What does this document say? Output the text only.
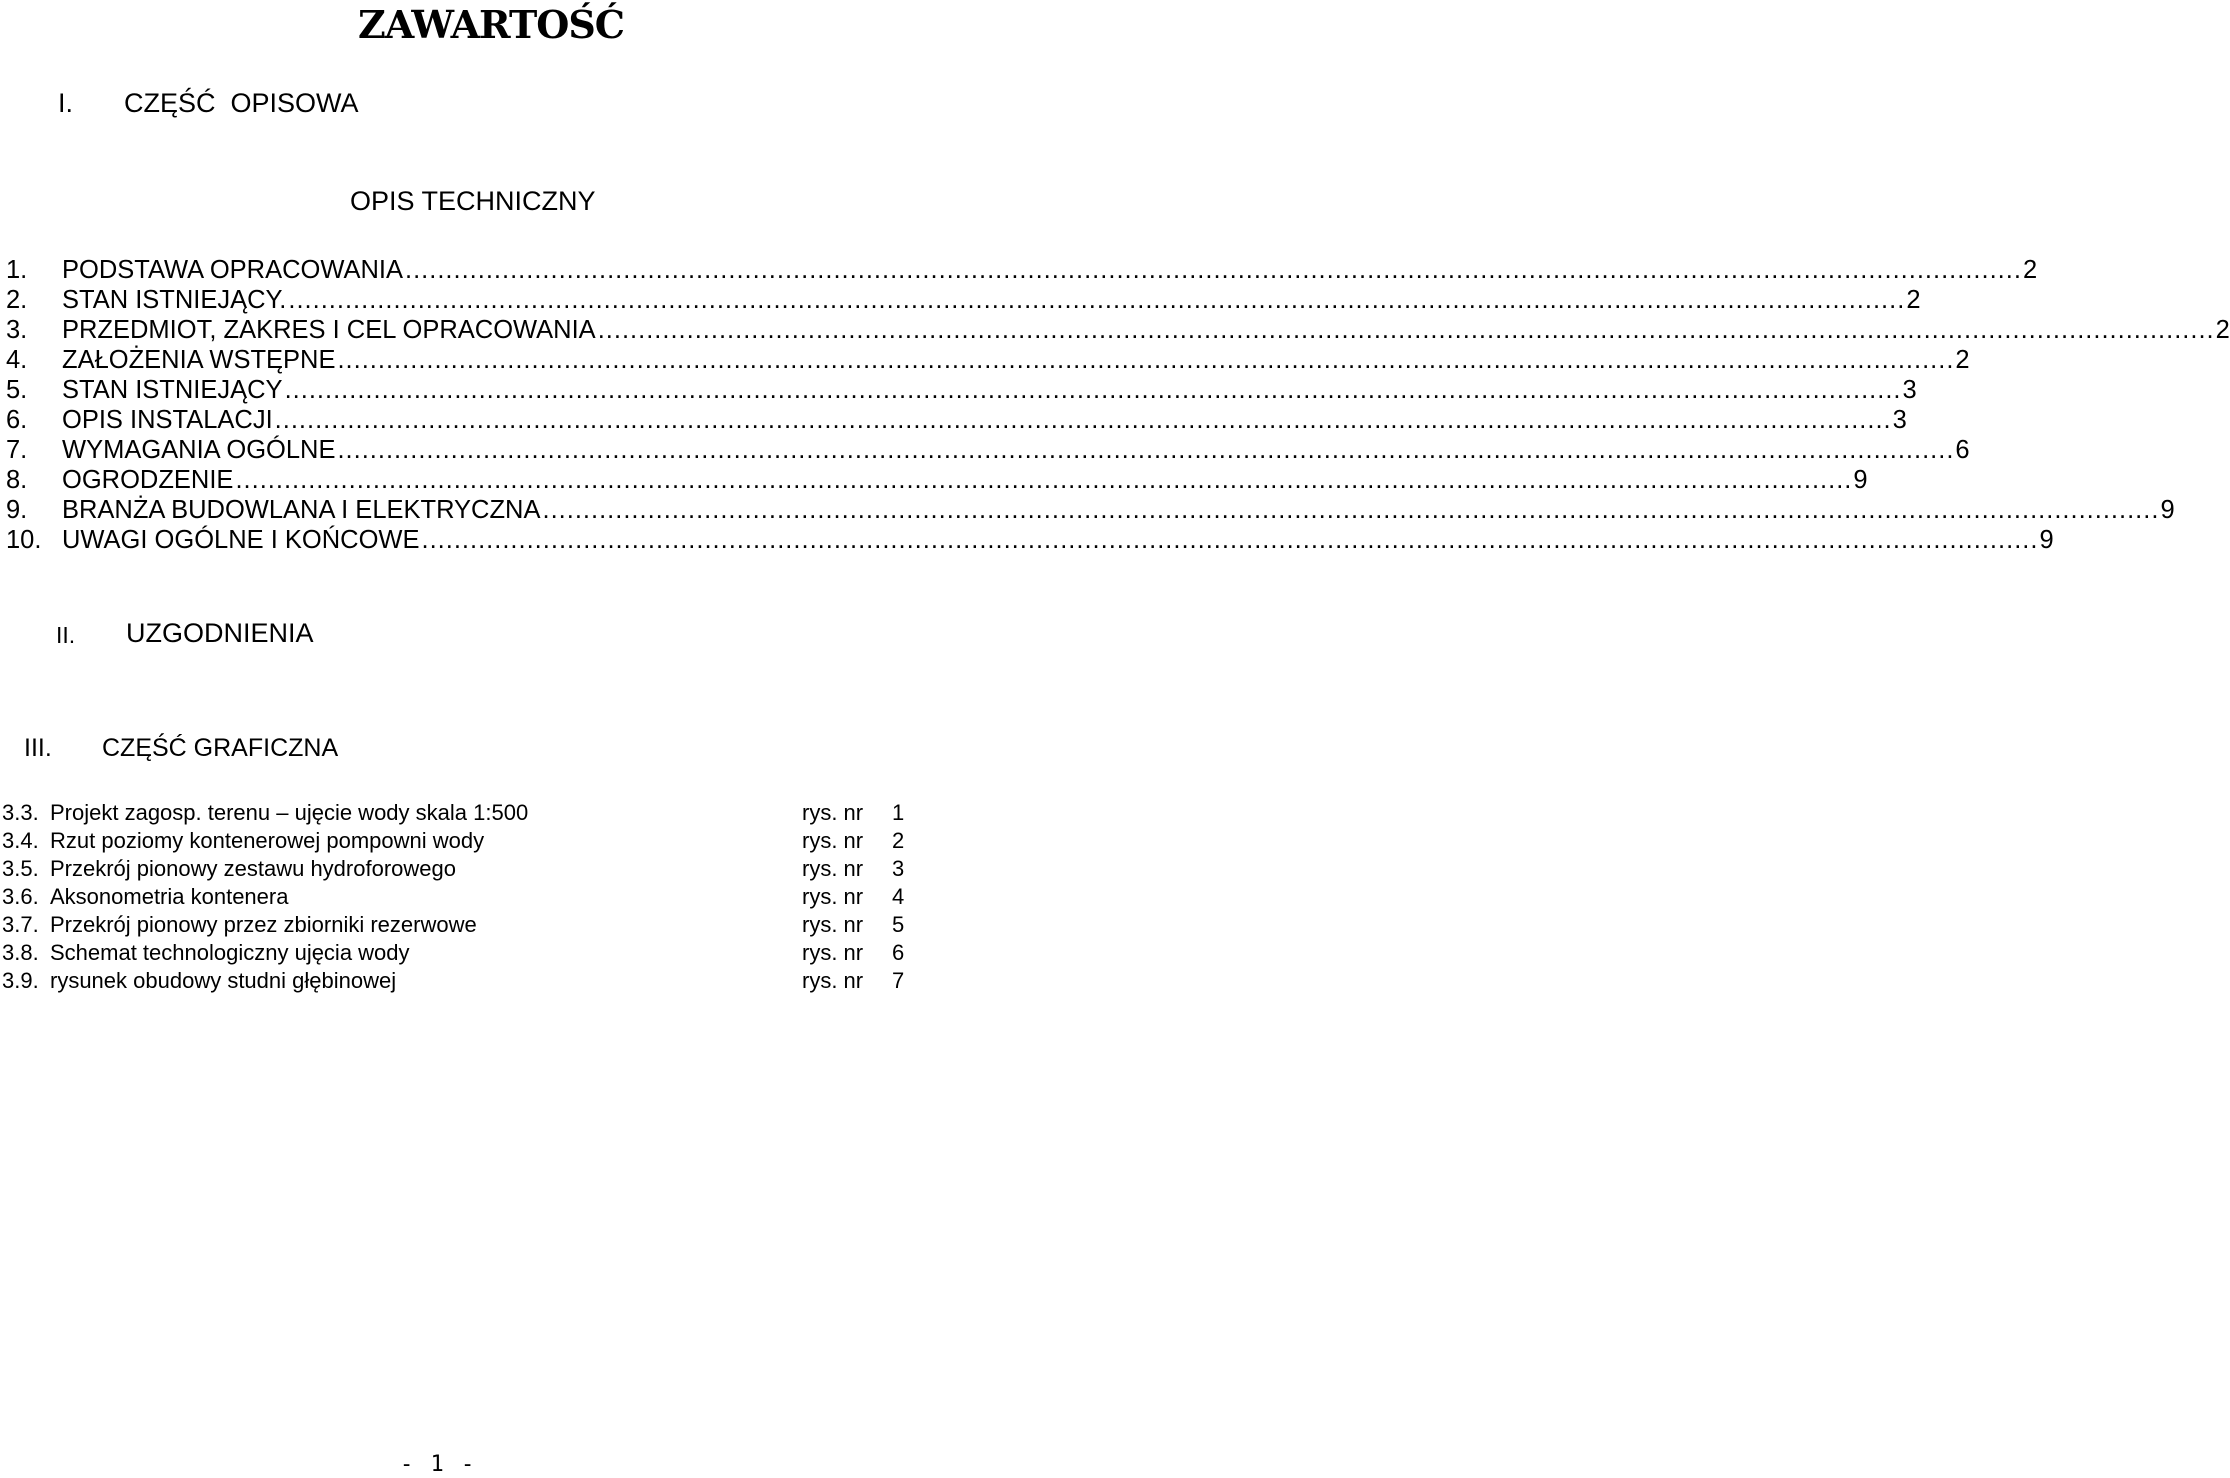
ZAWARTOŚĆ
I. CZĘŚĆ  OPISOWA
OPIS TECHNICZNY
1. PODSTAWA OPRACOWANIA ........................................................................................................................................................................................................ 2
2. STAN ISTNIEJĄCY. ........................................................................................................................................................................................................ 2
3. PRZEDMIOT, ZAKRES I CEL OPRACOWANIA ........................................................................................................................................................................................................ 2
4. ZAŁOŻENIA WSTĘPNE ........................................................................................................................................................................................................ 2
5. STAN ISTNIEJĄCY ........................................................................................................................................................................................................ 3
6. OPIS INSTALACJI ........................................................................................................................................................................................................ 3
7. WYMAGANIA OGÓLNE ........................................................................................................................................................................................................ 6
8. OGRODZENIE ........................................................................................................................................................................................................ 9
9. BRANŻA BUDOWLANA I ELEKTRYCZNA ........................................................................................................................................................................................................ 9
10. UWAGI OGÓLNE I KOŃCOWE ........................................................................................................................................................................................................ 9
II. UZGODNIENIA
III. CZĘŚĆ GRAFICZNA
3.3. Projekt zagosp. terenu – ujęcie wody skala 1:500	rys. nr 1
3.4. Rzut poziomy kontenerowej pompowni wody	rys. nr 2
3.5. Przekrój pionowy zestawu hydroforowego	rys. nr 3
3.6. Aksonometria kontenera	rys. nr 4
3.7. Przekrój pionowy przez zbiorniki rezerwowe	rys. nr 5
3.8. Schemat technologiczny ujęcia wody	rys. nr 6
3.9. rysunek obudowy studni głębinowej	rys. nr 7
- 1 -
